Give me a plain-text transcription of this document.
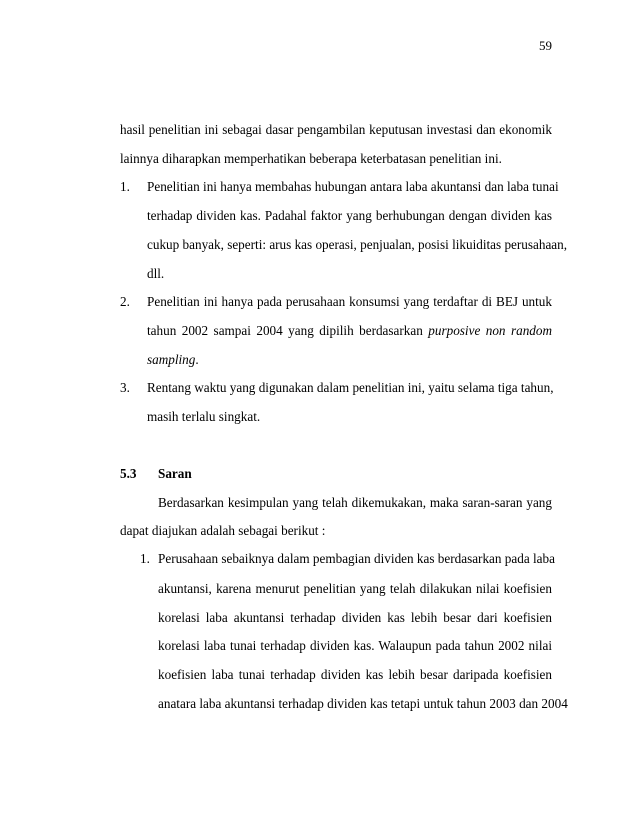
59
hasil penelitian ini sebagai dasar pengambilan keputusan investasi dan ekonomik
lainnya diharapkan memperhatikan beberapa keterbatasan penelitian ini.
1. Penelitian ini hanya membahas hubungan antara laba akuntansi dan laba tunai
terhadap dividen kas. Padahal faktor yang berhubungan dengan dividen kas
cukup banyak, seperti: arus kas operasi, penjualan, posisi likuiditas perusahaan,
dll.
2. Penelitian ini hanya pada perusahaan konsumsi yang terdaftar di BEJ untuk
tahun 2002 sampai 2004 yang dipilih berdasarkan purposive non random
sampling.
3. Rentang waktu yang digunakan dalam penelitian ini, yaitu selama tiga tahun,
masih terlalu singkat.
5.3 Saran
Berdasarkan kesimpulan yang telah dikemukakan, maka saran-saran yang
dapat diajukan adalah sebagai berikut :
1. Perusahaan sebaiknya dalam pembagian dividen kas berdasarkan pada laba
akuntansi, karena menurut penelitian yang telah dilakukan nilai koefisien
korelasi laba akuntansi terhadap dividen kas lebih besar dari koefisien
korelasi laba tunai terhadap dividen kas. Walaupun pada tahun 2002 nilai
koefisien laba tunai terhadap dividen kas lebih besar daripada koefisien
anatara laba akuntansi terhadap dividen kas tetapi untuk tahun 2003 dan 2004
